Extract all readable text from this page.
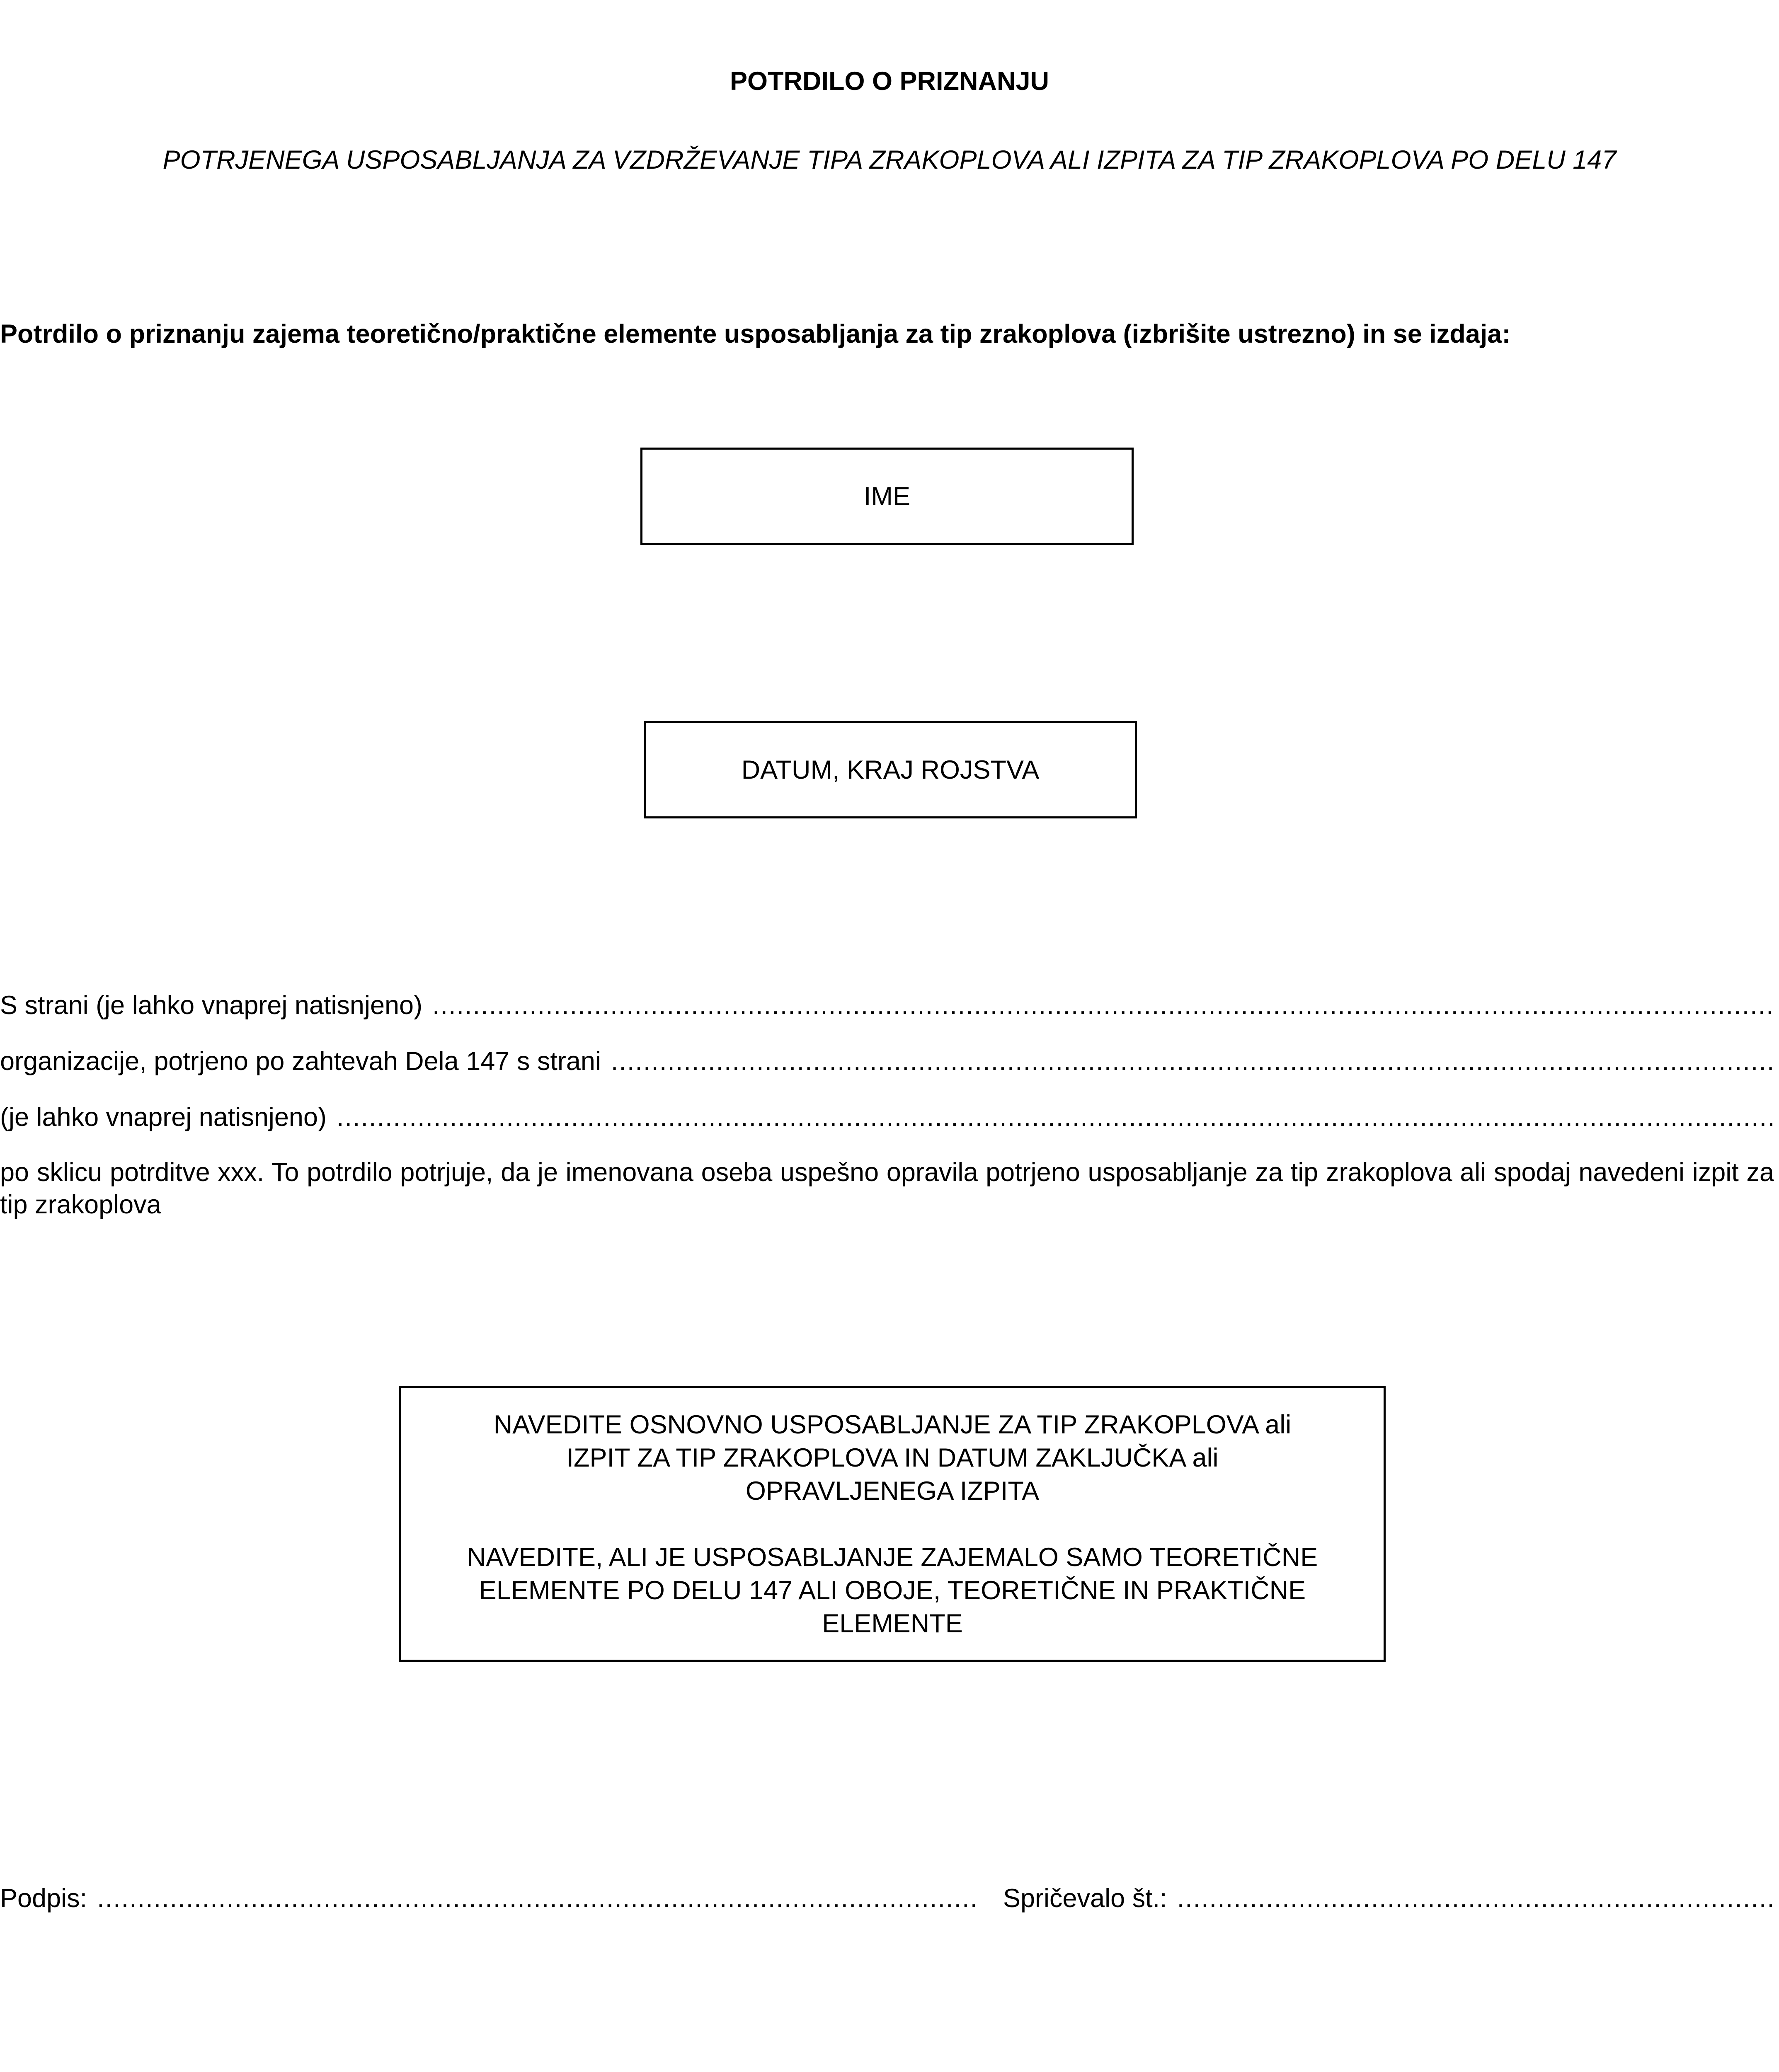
POTRDILO O PRIZNANJU
POTRJENEGA USPOSABLJANJA ZA VZDRŽEVANJE TIPA ZRAKOPLOVA ALI IZPITA ZA TIP ZRAKOPLOVA PO DELU 147
Potrdilo o priznanju zajema teoretično/praktične elemente usposabljanja za tip zrakoplova (izbrišite ustrezno) in se izdaja:
IME
DATUM, KRAJ ROJSTVA
S strani (je lahko vnaprej natisnjeno)
.....
organizacije, potrjeno po zahtevah Dela 147 s strani
.....
(je lahko vnaprej natisnjeno)
.....
po sklicu potrditve xxx. To potrdilo potrjuje, da je imenovana oseba uspešno opravila potrjeno usposabljanje za tip zrakoplova ali spodaj navedeni izpit za tip zrakoplova

NAVEDITE OSNOVNO USPOSABLJANJE ZA TIP ZRAKOPLOVA ali
IZPIT ZA TIP ZRAKOPLOVA IN DATUM ZAKLJUČKA ali
OPRAVLJENEGA IZPITA

NAVEDITE, ALI JE USPOSABLJANJE ZAJEMALO SAMO TEORETIČNE
ELEMENTE PO DELU 147 ALI OBOJE, TEORETIČNE IN PRAKTIČNE
ELEMENTE

Podpis:
.....	Spričevalo št.:
.....
